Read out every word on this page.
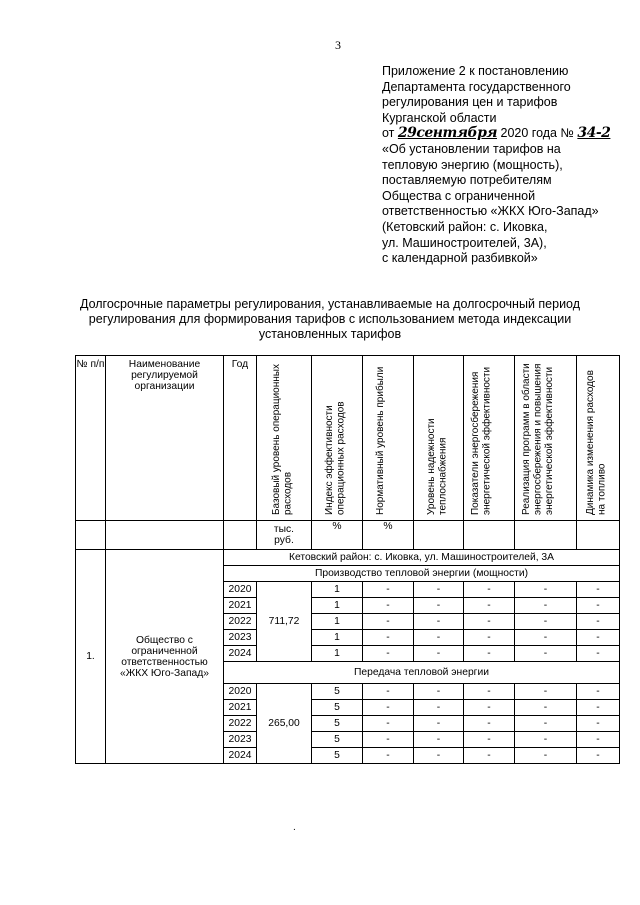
3
Приложение 2 к постановлению
Департамента государственного
регулирования цен и тарифов
Курганской области
от 29сентября 2020 года № 34-2
«Об установлении тарифов на
тепловую энергию (мощность),
поставляемую потребителям
Общества с ограниченной
ответственностью «ЖКХ Юго-Запад»
(Кетовский район: с. Иковка,
ул. Машиностроителей, 3А),
с календарной разбивкой»
Долгосрочные параметры регулирования, устанавливаемые на долгосрочный период
регулирования для формирования тарифов с использованием метода индексации
установленных тарифов
№ п/п	Наименование регулируемой организации	Год	Базовый уровень операционных расходов	Индекс эффективности операционных расходов	Нормативный уровень прибыли	Уровень надежности теплоснабжения	Показатели энергосбережения энергетической эффективности	Реализация программ в области энергосбережения и повышения энергетической эффективности	Динамика изменения расходов на топливо

			тыс. руб.	%	%				
1.	Общество с ограниченной ответственностью «ЖКХ Юго-Запад»	Кетовский район: с. Иковка, ул. Машиностроителей, 3А							
		Производство тепловой энергии (мощности)							
		2020	711,72	1	-	-	-	-	-
		2021		1	-	-	-	-	-
		2022		1	-	-	-	-	-
		2023		1	-	-	-	-	-
		2024		1	-	-	-	-	-
		Передача тепловой энергии							
		2020	265,00	5	-	-	-	-	-
		2021		5	-	-	-	-	-
		2022		5	-	-	-	-	-
		2023		5	-	-	-	-	-
		2024		5	-	-	-	-	-
.
